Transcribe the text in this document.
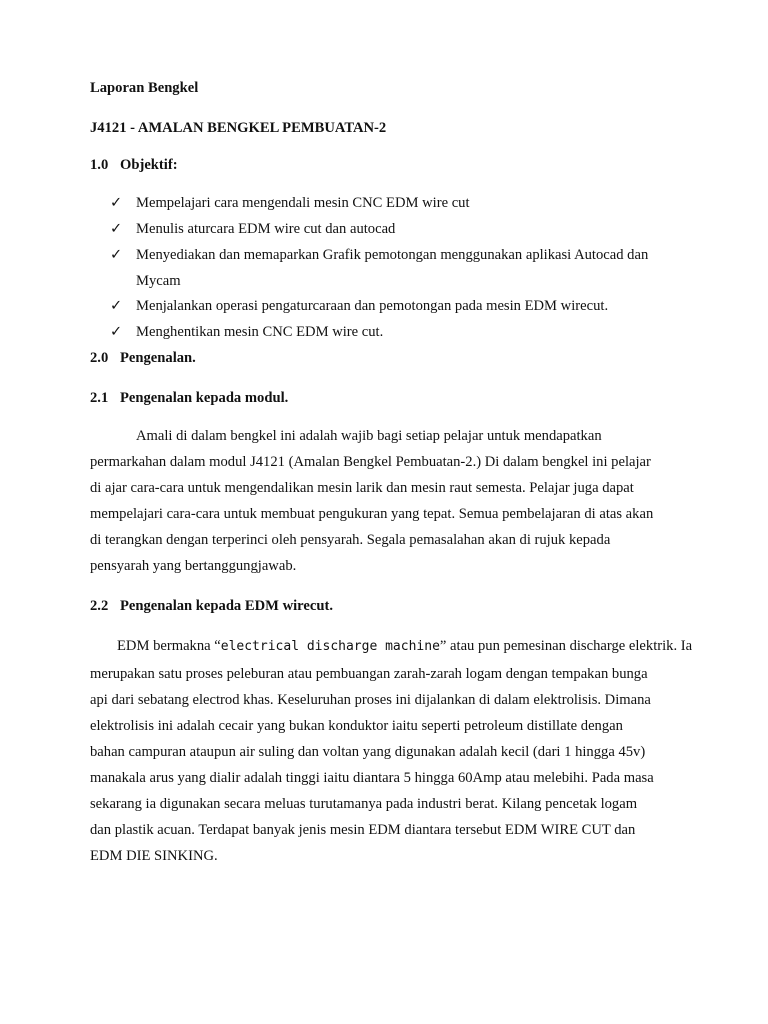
Laporan Bengkel
J4121 - AMALAN BENGKEL PEMBUATAN-2
1.0 Objektif:
✓ Mempelajari cara mengendali mesin CNC EDM wire cut
✓ Menulis aturcara EDM wire cut dan autocad
✓ Menyediakan dan memaparkan Grafik pemotongan menggunakan aplikasi Autocad dan
Mycam
✓ Menjalankan operasi pengaturcaraan dan pemotongan pada mesin EDM wirecut.
✓ Menghentikan mesin CNC EDM wire cut.
2.0 Pengenalan.
2.1 Pengenalan kepada modul.
Amali di dalam bengkel ini adalah wajib bagi setiap pelajar untuk mendapatkan
permarkahan dalam modul J4121 (Amalan Bengkel Pembuatan-2.) Di dalam bengkel ini pelajar
di ajar cara-cara untuk mengendalikan mesin larik dan mesin raut semesta. Pelajar juga dapat
mempelajari cara-cara untuk membuat pengukuran yang tepat. Semua pembelajaran di atas akan
di terangkan dengan terperinci oleh pensyarah. Segala pemasalahan akan di rujuk kepada
pensyarah yang bertanggungjawab.
2.2 Pengenalan kepada EDM wirecut.
EDM bermakna “electrical discharge machine” atau pun pemesinan discharge elektrik. Ia
merupakan satu proses peleburan atau pembuangan zarah-zarah logam dengan tempakan bunga
api dari sebatang electrod khas. Keseluruhan proses ini dijalankan di dalam elektrolisis. Dimana
elektrolisis ini adalah cecair yang bukan konduktor iaitu seperti petroleum distillate dengan
bahan campuran ataupun air suling dan voltan yang digunakan adalah kecil (dari 1 hingga 45v)
manakala arus yang dialir adalah tinggi iaitu diantara 5 hingga 60Amp atau melebihi. Pada masa
sekarang ia digunakan secara meluas turutamanya pada industri berat. Kilang pencetak logam
dan plastik acuan. Terdapat banyak jenis mesin EDM diantara tersebut EDM WIRE CUT dan
EDM DIE SINKING.
